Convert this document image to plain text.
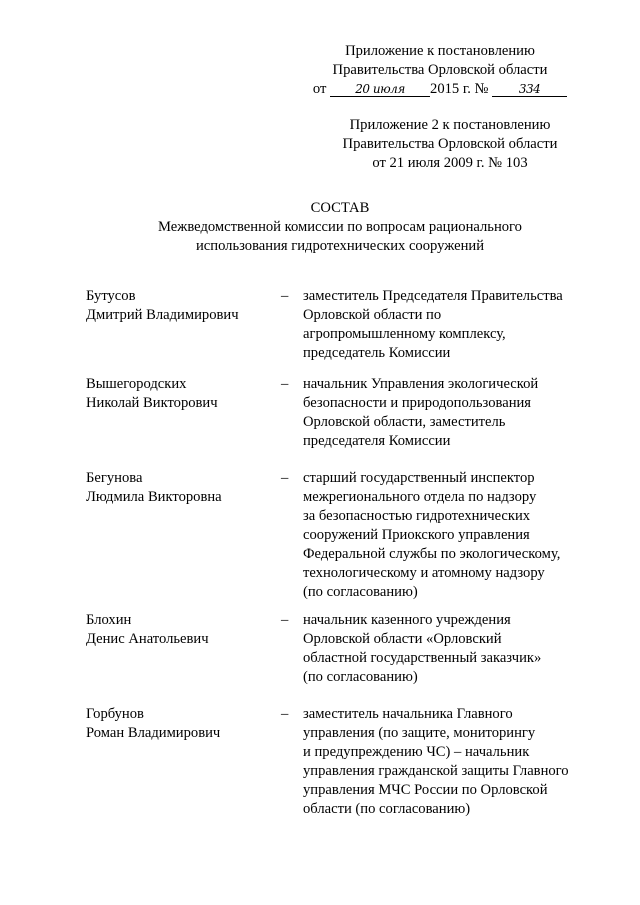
Приложение к постановлению
Правительства Орловской области
от 20 июля 2015 г. №	334
Приложение 2 к постановлению
Правительства Орловской области
от 21 июля 2009 г. № 103
СОСТАВ
Межведомственной комиссии по вопросам рационального
использования гидротехнических сооружений
Бутусов
Дмитрий Владимирович
– заместитель Председателя Правительства
Орловской области по
агропромышленному комплексу,
председатель Комиссии
Вышегородских
Николай Викторович
– начальник Управления экологической
безопасности и природопользования
Орловской области, заместитель
председателя Комиссии
Бегунова
Людмила Викторовна
– старший государственный инспектор
межрегионального отдела по надзору
за безопасностью гидротехнических
сооружений Приокского управления
Федеральной службы по экологическому,
технологическому и атомному надзору
(по согласованию)
Блохин
Денис Анатольевич
– начальник казенного учреждения
Орловской области «Орловский
областной государственный заказчик»
(по согласованию)
Горбунов
Роман Владимирович
– заместитель начальника Главного
управления (по защите, мониторингу
и предупреждению ЧС) – начальник
управления гражданской защиты Главного
управления МЧС России по Орловской
области (по согласованию)
